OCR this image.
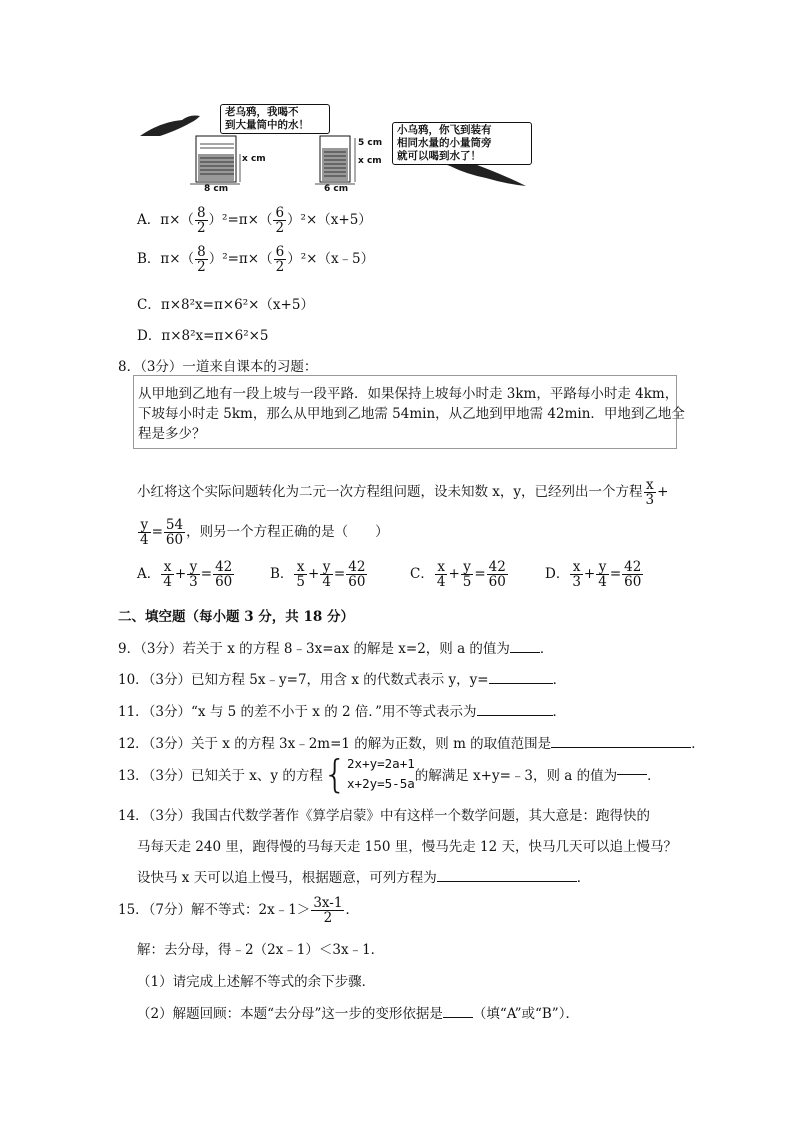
老乌鸦，我喝不
到大量筒中的水！	小乌鸦，你飞到装有
相同水量的小量筒旁
就可以喝到水了！
x cm	x cm
5 cm
8 cm	6 cm
A．$\pi\times( \frac{8}{2} )^2=\pi\times( \frac{6}{2} )^2\times(x+5)$
B．$\pi\times( \frac{8}{2} )^2=\pi\times( \frac{6}{2}$ ）²×（x﹣5）
C．π×8²x=π×6²×（x+5）
D．π×8²x=π×6²×5
8．（3分）一道来自课本的习题：
从甲地到乙地有一段上坡与一段平路．如果保持上坡每小时走 3km，平路每小时走 4km，
下坡每小时走 5km，那么从甲地到乙地需 54min，从乙地到甲地需 42min．甲地到乙地全
程是多少？
小红将这个实际问题转化为二元一次方程组问题，设未知数 x，y，已经列出一个方程 $\frac{x}{3}$ +
$\frac{y}{4} = \frac{54}{60}$ ，则另一个方程正确的是（　　）
A． $\frac{x}{4} + \frac{y}{3} = \frac{42}{60}$	B． $\frac{x}{5} + \frac{y}{4} = \frac{42}{60}$	C． $\frac{x}{4} + \frac{y}{5} = \frac{42}{60}$	D． $\frac{x}{3} + \frac{y}{4} = \frac{42}{60}$
二、填空题（每小题 3 分，共 18 分）
9．（3分）若关于 x 的方程 8﹣3x=ax 的解是 x=2，则 a 的值为 ．
10．（3分）已知方程 5x﹣y=7，用含 x 的代数式表示 y，y=	．
11．（3分）“x 与 5 的差不小于 x 的 2 倍．”用不等式表示为	．
12．（3分）关于 x 的方程 3x﹣2m=1 的解为正数，则 m 的取值范围是	．
13．（3分）已知关于 x、y 的方程{ 2x+y=2a+1
x+2y=5-5a 的解满足 x+y=﹣3，则 a 的值为 ．
14．（3分）我国古代数学著作《算学启蒙》中有这样一个数学问题，其大意是：跑得快的
马每天走 240 里，跑得慢的马每天走 150 里，慢马先走 12 天，快马几天可以追上慢马？
设快马 x 天可以追上慢马，根据题意，可列方程为	．
15．（7分）解不等式：2x﹣1＞ $\frac{3x-1}{2}$ ．
解：去分母，得﹣2（2x﹣1）＜3x﹣1．
（1）请完成上述解不等式的余下步骤．
（2）解题回顾：本题“去分母”这一步的变形依据是 （填“A”或“B”）．
